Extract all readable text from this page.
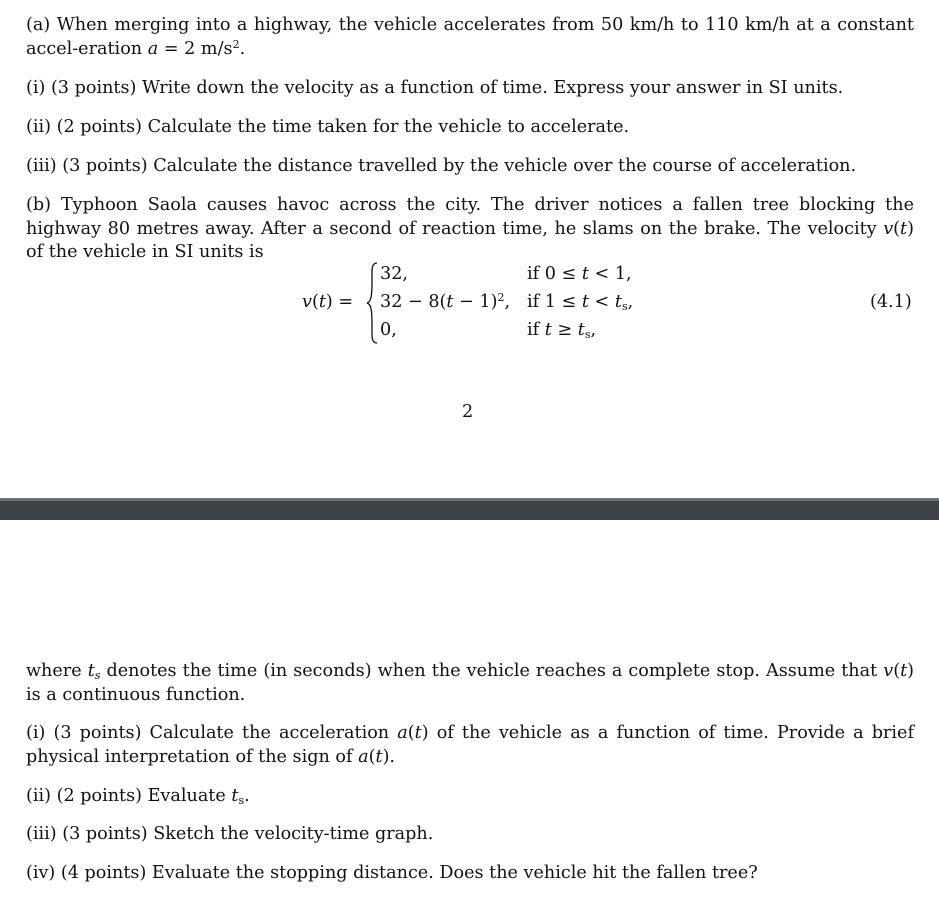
(a) When merging into a highway, the vehicle accelerates from 50 km/h to 110 km/h at a constant accel-eration a = 2 $m/s^2$.

(i) (3 points) Write down the velocity as a function of time. Express your answer in SI units.

(ii) (2 points) Calculate the time taken for the vehicle to accelerate.

(iii) (3 points) Calculate the distance travelled by the vehicle over the course of acceleration.

(b) Typhoon Saola causes havoc across the city. The driver notices a fallen tree blocking the highway 80 metres away. After a second of reaction time, he slams on the brake. The velocity v(t) of the vehicle in SI units is

v(t) =
32,	if 0 ≤ t < 1,
$32 - 8(t - 1)^2$, if $1 \le t < t_s$,
0,	if $t \ge t_s$,
(4.1)
2

where $t_s$ denotes the time (in seconds) when the vehicle reaches a complete stop. Assume that v(t) is a continuous function.

(i) (3 points) Calculate the acceleration a(t) of the vehicle as a function of time. Provide a brief physical interpretation of the sign of a(t).

(ii) (2 points) Evaluate $t_s$.

(iii) (3 points) Sketch the velocity-time graph.

(iv) (4 points) Evaluate the stopping distance. Does the vehicle hit the fallen tree?
